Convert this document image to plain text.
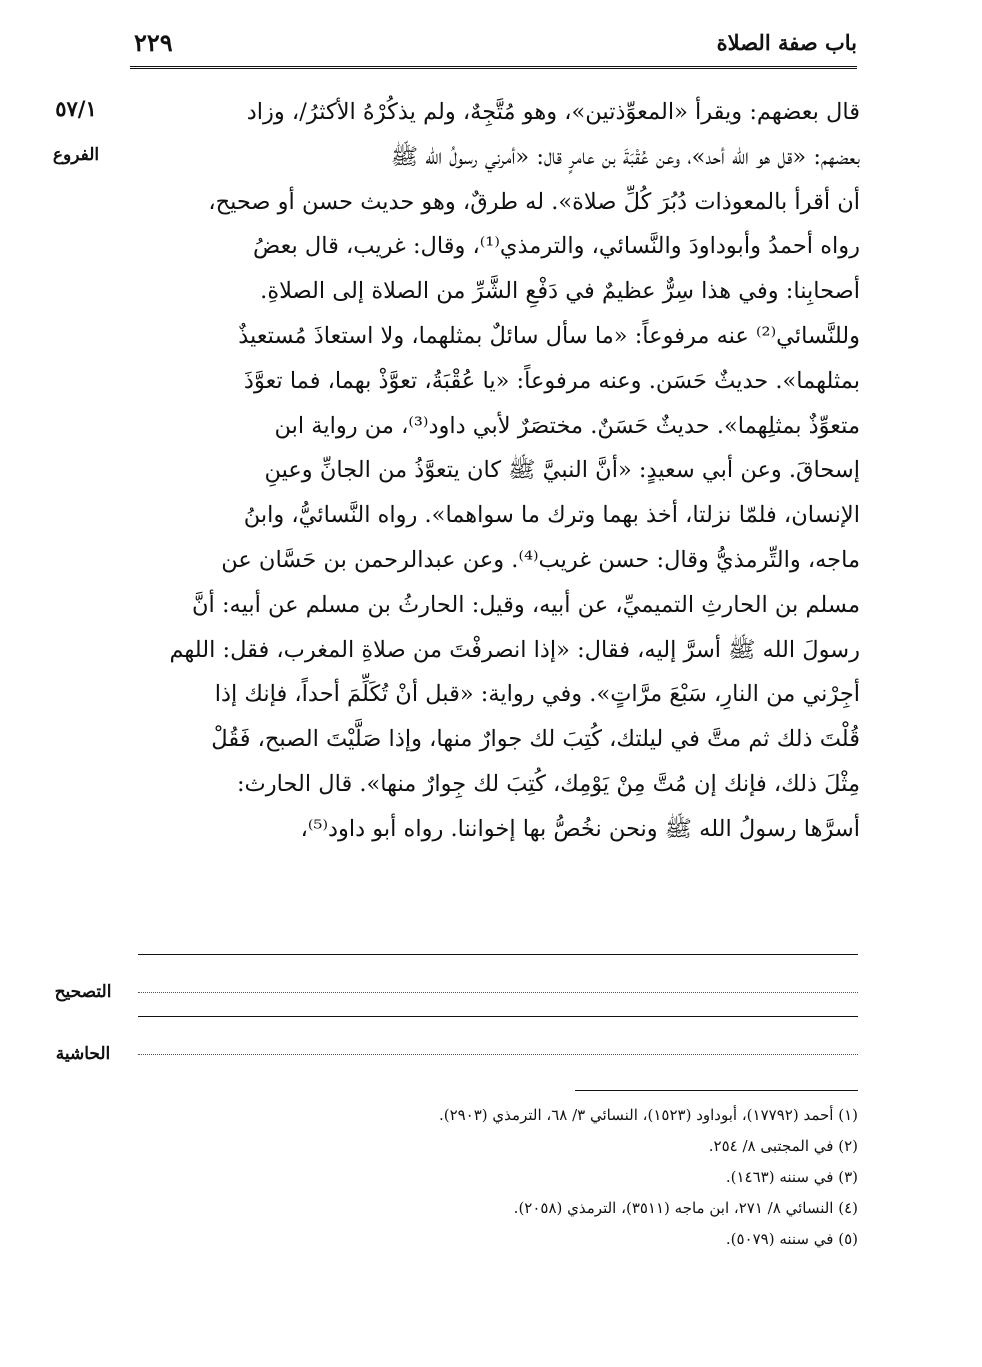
باب صفة الصلاة
٢٢٩
٥٧/١
الفروع
قال بعضهم: ويقرأ «المعوِّذتين»، وهو مُتَّجِهٌ، ولم يذكُرْهُ الأكثرُ/، وزاد
بعضهم: «قل هو الله أحد»، وعن عُقْبَةَ بن عامرٍ قال: «أمرني رسولُ الله ﷺ
أن أقرأ بالمعوذات دُبُرَ كُلِّ صلاة». له طرقٌ، وهو حديث حسن أو صحيح،
رواه أحمدُ وأبوداودَ والنَّسائي، والترمذي⁽¹⁾، وقال: غريب، قال بعضُ
أصحابِنا: وفي هذا سِرٌّ عظيمٌ في دَفْعِ الشَّرِّ من الصلاة إلى الصلاةِ.
وللنَّسائي⁽²⁾ عنه مرفوعاً: «ما سأل سائلٌ بمثلهما، ولا استعاذَ مُستعيذٌ
بمثلهما». حديثٌ حَسَن. وعنه مرفوعاً: «يا عُقْبَةُ، تعوَّذْ بهما، فما تعوَّذَ
متعوِّذٌ بمثلِهما». حديثٌ حَسَنٌ. مختصَرٌ لأبي داود⁽³⁾، من رواية ابن
إسحاقَ. وعن أبي سعيدٍ: «أنَّ النبيَّ ﷺ كان يتعوَّذُ من الجانِّ وعينِ
الإنسان، فلمّا نزلتا، أخذ بهما وترك ما سواهما». رواه النَّسائيُّ، وابنُ
ماجه، والتِّرمذيُّ وقال: حسن غريب⁽⁴⁾. وعن عبدالرحمن بن حَسَّان عن
مسلم بن الحارثِ التميميِّ، عن أبيه، وقيل: الحارثُ بن مسلم عن أبيه: أنَّ
رسولَ الله ﷺ أسرَّ إليه، فقال: «إذا انصرفْتَ من صلاةِ المغرب، فقل: اللهم
أجِرْني من النارِ، سَبْعَ مرَّاتٍ». وفي رواية: «قبل أنْ تُكَلِّمَ أحداً، فإنك إذا
قُلْتَ ذلك ثم متَّ في ليلتك، كُتِبَ لك جوارٌ منها، وإذا صَلَّيْتَ الصبح، فَقُلْ
مِثْلَ ذلك، فإنك إن مُتَّ مِنْ يَوْمِك، كُتِبَ لك جِوارٌ منها». قال الحارث:
أسرَّها رسولُ الله ﷺ ونحن نخُصُّ بها إخواننا. رواه أبو داود⁽⁵⁾،
التصحيح
الحاشية
(١) أحمد (١٧٧٩٢)، أبوداود (١٥٢٣)، النسائي ٣/ ٦٨، الترمذي (٢٩٠٣).
(٢) في المجتبى ٨/ ٢٥٤.
(٣) في سننه (١٤٦٣).
(٤) النسائي ٨/ ٢٧١، ابن ماجه (٣٥١١)، الترمذي (٢٠٥٨).
(٥) في سننه (٥٠٧٩).
